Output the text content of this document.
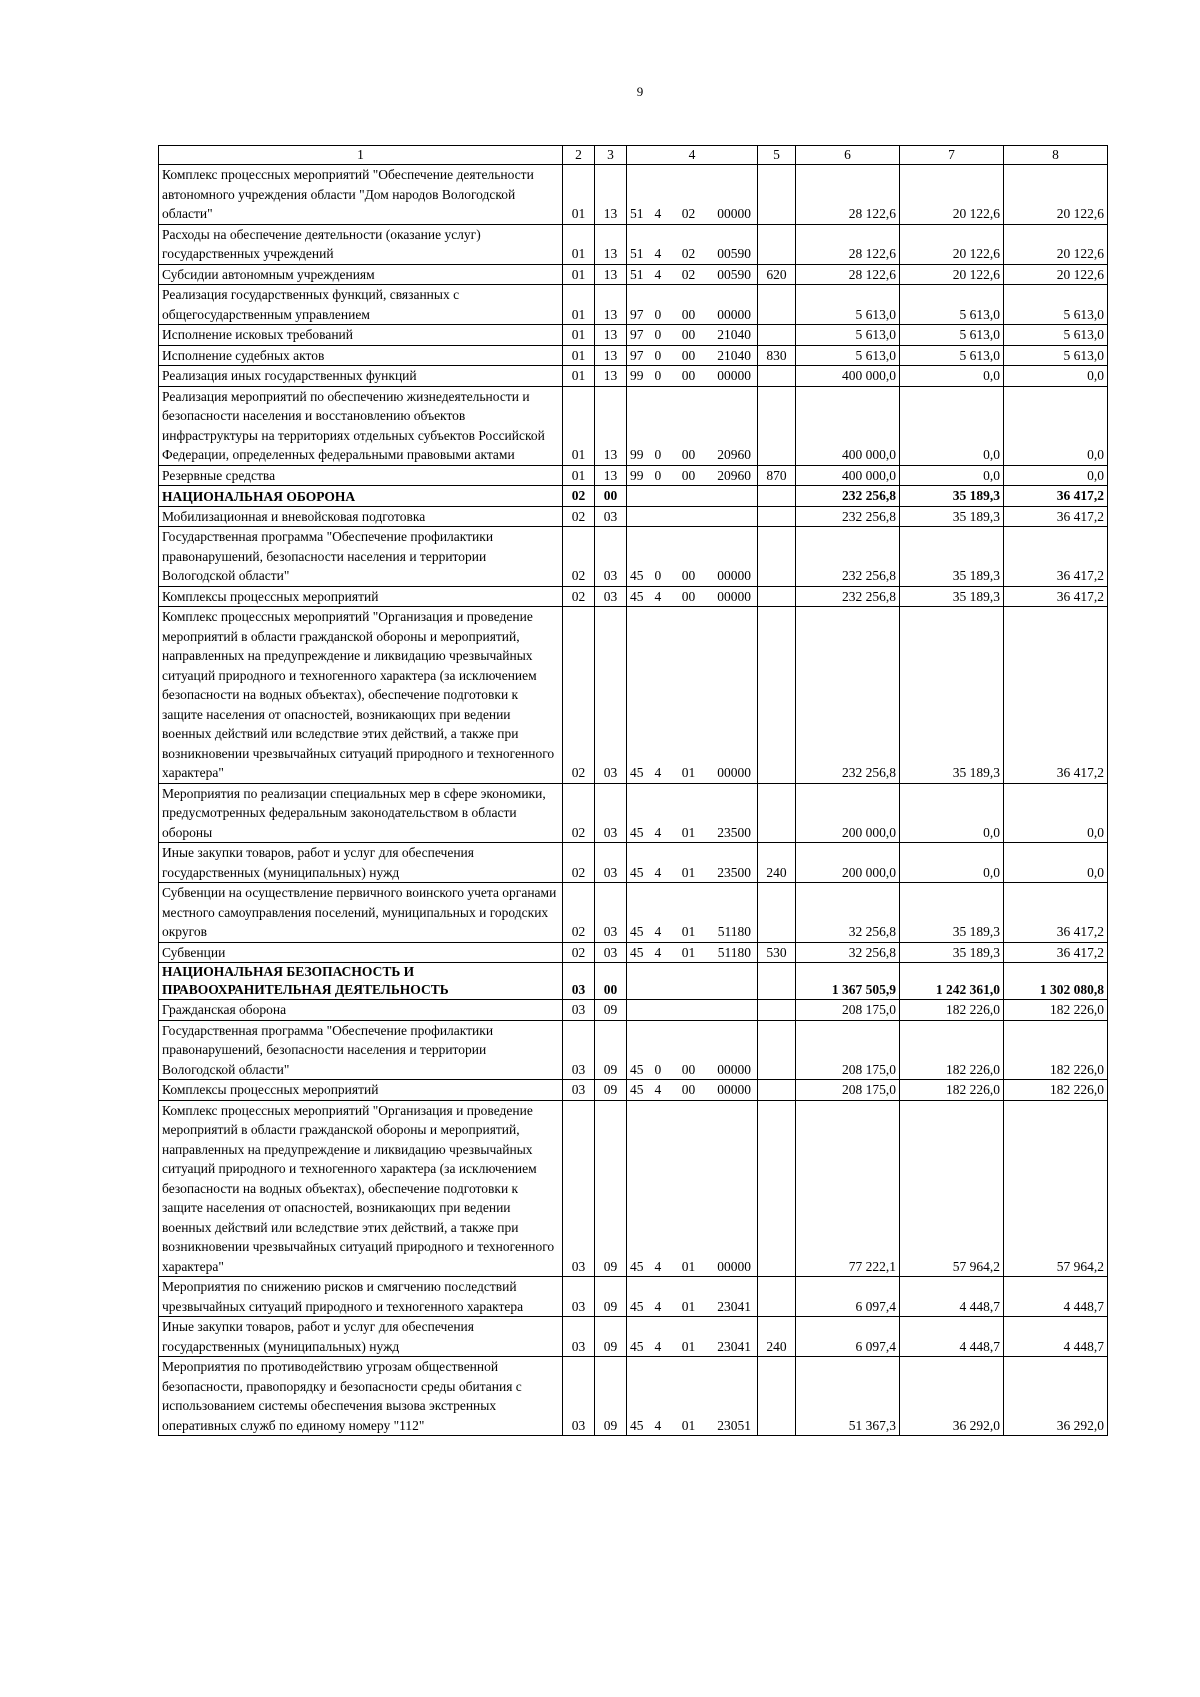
9
1	2	3	4				5	6	7	8
Комплекс процессных мероприятий "Обеспечение деятельности автономного учреждения области "Дом народов Вологодской области"	01	13	51	4	02	00000		28 122,6	20 122,6	20 122,6
Расходы на обеспечение деятельности (оказание услуг) государственных учреждений	01	13	51	4	02	00590		28 122,6	20 122,6	20 122,6
Субсидии автономным учреждениям	01	13	51	4	02	00590	620	28 122,6	20 122,6	20 122,6
Реализация государственных функций, связанных с общегосударственным управлением	01	13	97	0	00	00000		5 613,0	5 613,0	5 613,0
Исполнение исковых требований	01	13	97	0	00	21040		5 613,0	5 613,0	5 613,0
Исполнение судебных актов	01	13	97	0	00	21040	830	5 613,0	5 613,0	5 613,0
Реализация иных государственных функций	01	13	99	0	00	00000		400 000,0	0,0	0,0
Реализация мероприятий по обеспечению жизнедеятельности и безопасности населения и восстановлению объектов инфраструктуры на территориях отдельных субъектов Российской Федерации, определенных федеральными правовыми актами	01	13	99	0	00	20960		400 000,0	0,0	0,0
Резервные средства	01	13	99	0	00	20960	870	400 000,0	0,0	0,0
НАЦИОНАЛЬНАЯ ОБОРОНА	02	00						232 256,8	35 189,3	36 417,2
Мобилизационная и вневойсковая подготовка	02	03						232 256,8	35 189,3	36 417,2
Государственная программа "Обеспечение профилактики правонарушений, безопасности населения и территории Вологодской области"	02	03	45	0	00	00000		232 256,8	35 189,3	36 417,2
Комплексы процессных мероприятий	02	03	45	4	00	00000		232 256,8	35 189,3	36 417,2
Комплекс процессных мероприятий "Организация и проведение мероприятий в области гражданской обороны и мероприятий, направленных на предупреждение и ликвидацию чрезвычайных ситуаций природного и техногенного характера (за исключением безопасности на водных объектах), обеспечение подготовки к защите населения от опасностей, возникающих при ведении военных действий или вследствие этих действий, а также при возникновении чрезвычайных ситуаций природного и техногенного характера"	02	03	45	4	01	00000		232 256,8	35 189,3	36 417,2
Мероприятия по реализации специальных мер в сфере экономики, предусмотренных федеральным законодательством в области обороны	02	03	45	4	01	23500		200 000,0	0,0	0,0
Иные закупки товаров, работ и услуг для обеспечения государственных (муниципальных) нужд	02	03	45	4	01	23500	240	200 000,0	0,0	0,0
Субвенции на осуществление первичного воинского учета органами местного самоуправления поселений, муниципальных и городских округов	02	03	45	4	01	51180		32 256,8	35 189,3	36 417,2
Субвенции	02	03	45	4	01	51180	530	32 256,8	35 189,3	36 417,2
НАЦИОНАЛЬНАЯ БЕЗОПАСНОСТЬ И ПРАВООХРАНИТЕЛЬНАЯ ДЕЯТЕЛЬНОСТЬ	03	00						1 367 505,9	1 242 361,0	1 302 080,8
Гражданская оборона	03	09						208 175,0	182 226,0	182 226,0
Государственная программа "Обеспечение профилактики правонарушений, безопасности населения и территории Вологодской области"	03	09	45	0	00	00000		208 175,0	182 226,0	182 226,0
Комплексы процессных мероприятий	03	09	45	4	00	00000		208 175,0	182 226,0	182 226,0
Комплекс процессных мероприятий "Организация и проведение мероприятий в области гражданской обороны и мероприятий, направленных на предупреждение и ликвидацию чрезвычайных ситуаций природного и техногенного характера (за исключением безопасности на водных объектах), обеспечение подготовки к защите населения от опасностей, возникающих при ведении военных действий или вследствие этих действий, а также при возникновении чрезвычайных ситуаций природного и техногенного характера"	03	09	45	4	01	00000		77 222,1	57 964,2	57 964,2
Мероприятия по снижению рисков и смягчению последствий чрезвычайных ситуаций природного и техногенного характера	03	09	45	4	01	23041		6 097,4	4 448,7	4 448,7
Иные закупки товаров, работ и услуг для обеспечения государственных (муниципальных) нужд	03	09	45	4	01	23041	240	6 097,4	4 448,7	4 448,7
Мероприятия по противодействию угрозам общественной безопасности, правопорядку и безопасности среды обитания с использованием системы обеспечения вызова экстренных оперативных служб по единому номеру "112"	03	09	45	4	01	23051		51 367,3	36 292,0	36 292,0
